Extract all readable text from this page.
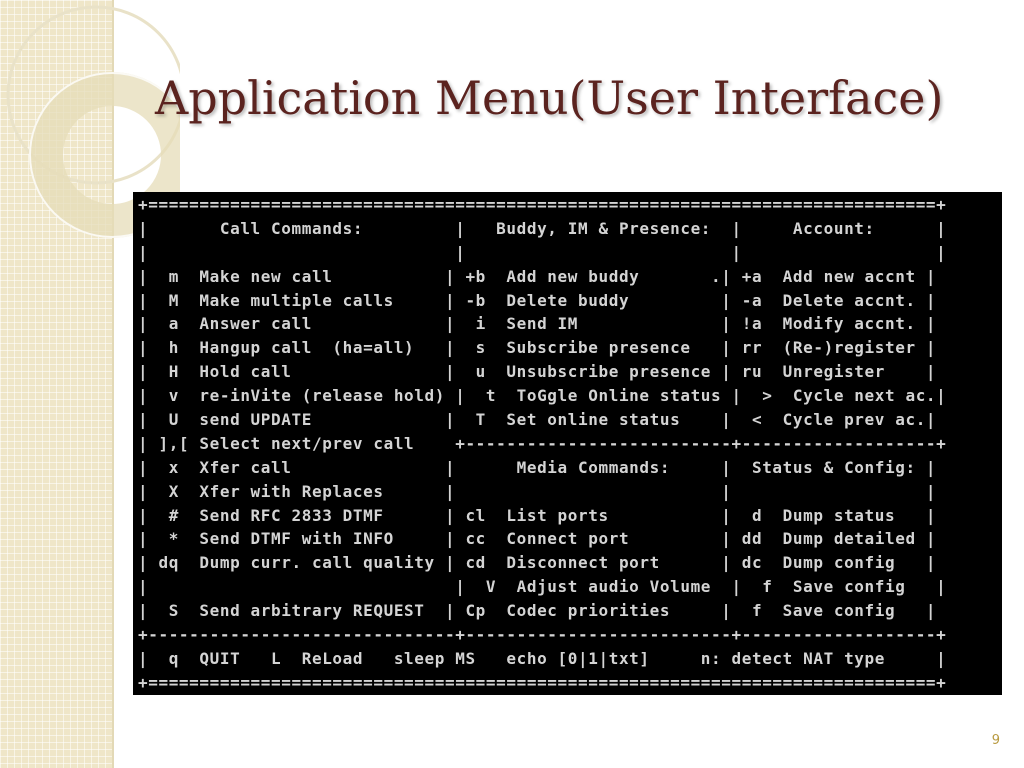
Application Menu(User Interface)
+=============================================================================+
|       Call Commands:         |   Buddy, IM & Presence:  |     Account:      |
|                              |                          |                   |
|  m  Make new call           | +b  Add new buddy       .| +a  Add new accnt |
|  M  Make multiple calls     | -b  Delete buddy         | -a  Delete accnt. |
|  a  Answer call             |  i  Send IM              | !a  Modify accnt. |
|  h  Hangup call  (ha=all)   |  s  Subscribe presence   | rr  (Re-)register |
|  H  Hold call               |  u  Unsubscribe presence | ru  Unregister    |
|  v  re-inVite (release hold) |  t  ToGgle Online status |  >  Cycle next ac.|
|  U  send UPDATE             |  T  Set online status    |  <  Cycle prev ac.|
| ],[ Select next/prev call    +--------------------------+-------------------+
|  x  Xfer call               |      Media Commands:     |  Status & Config: |
|  X  Xfer with Replaces      |                          |                   |
|  #  Send RFC 2833 DTMF      | cl  List ports           |  d  Dump status   |
|  *  Send DTMF with INFO     | cc  Connect port         | dd  Dump detailed |
| dq  Dump curr. call quality | cd  Disconnect port      | dc  Dump config   |
|                              |  V  Adjust audio Volume  |  f  Save config   |
|  S  Send arbitrary REQUEST  | Cp  Codec priorities     |  f  Save config   |
+------------------------------+--------------------------+-------------------+
|  q  QUIT   L  ReLoad   sleep MS   echo [0|1|txt]     n: detect NAT type     |
+=============================================================================+
9
